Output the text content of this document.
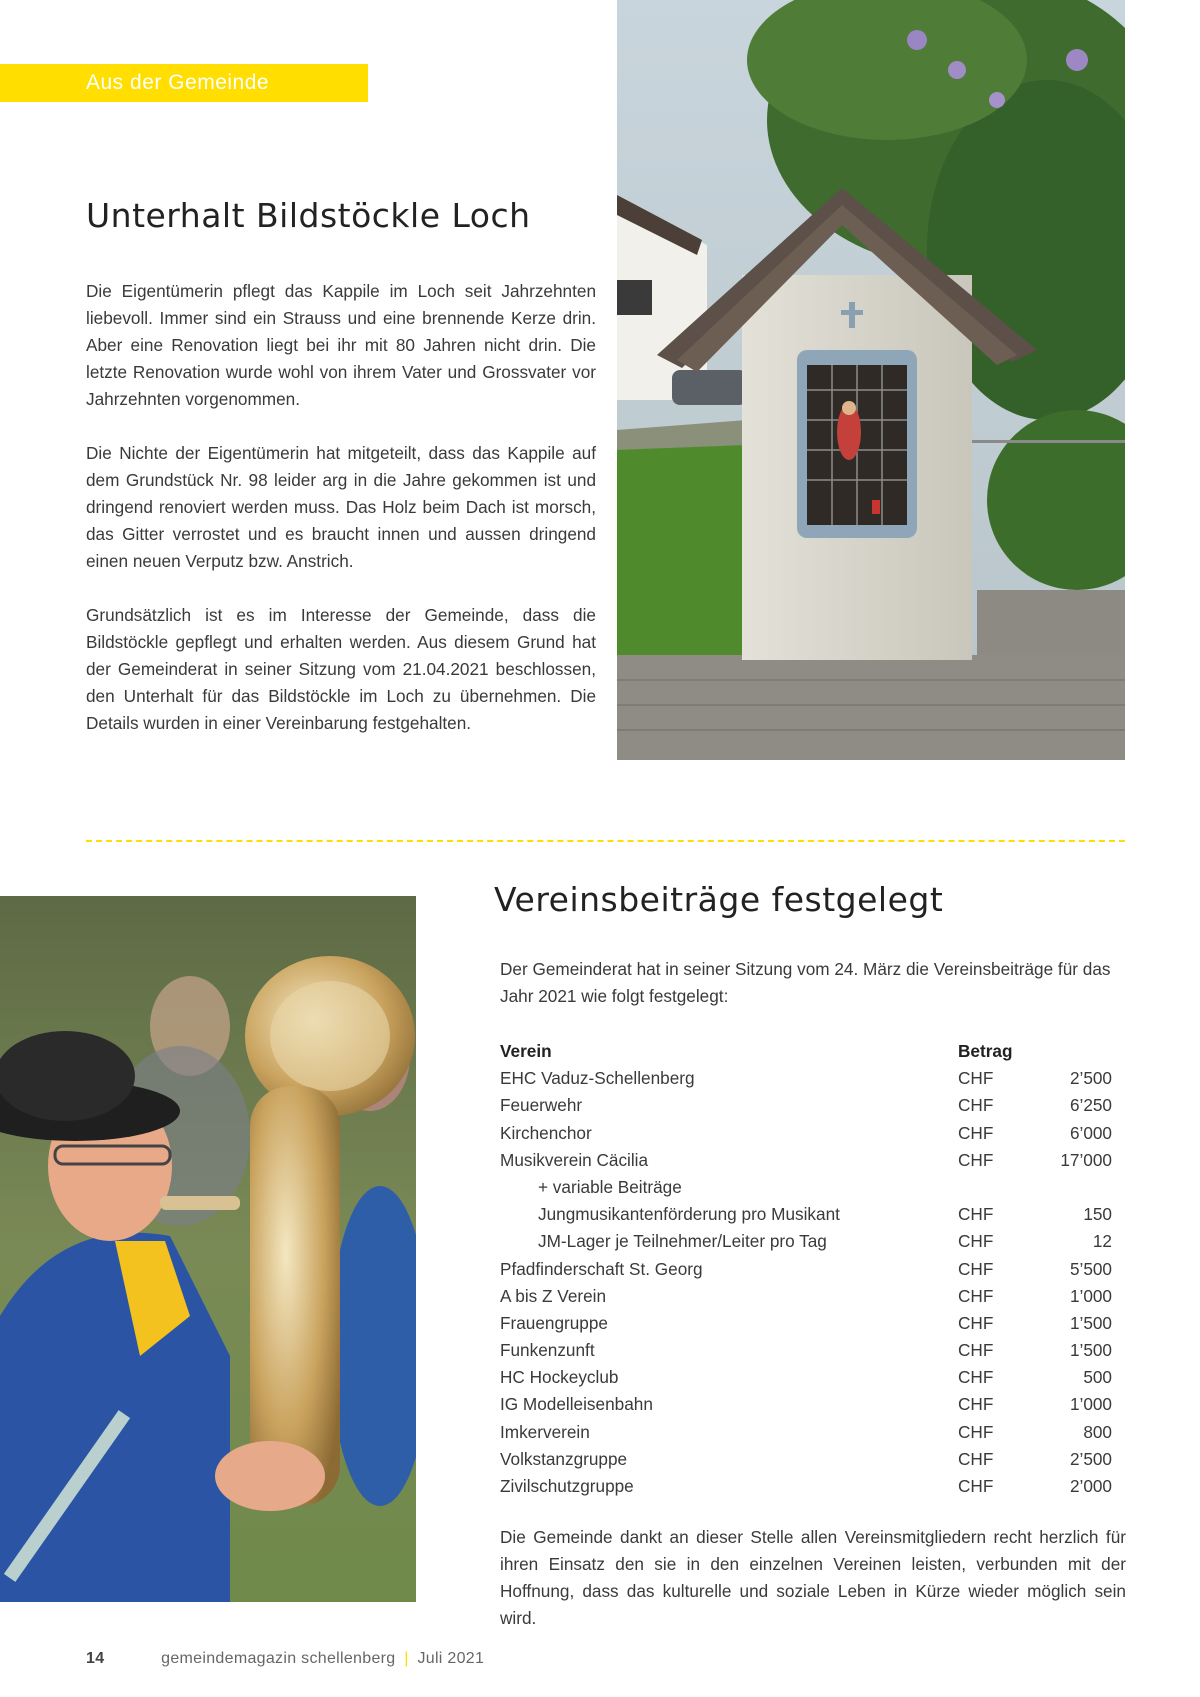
Aus der Gemeinde
Unterhalt Bildstöckle Loch

Die Eigentümerin pflegt das Kappile im Loch seit Jahrzehnten liebevoll. Immer sind ein Strauss und eine brennende Kerze drin. Aber eine Renovation liegt bei ihr mit 80 Jahren nicht drin. Die letzte Renovation wurde wohl von ihrem Vater und Grossvater vor Jahrzehnten vorgenommen.

Die Nichte der Eigentümerin hat mitgeteilt, dass das Kappile auf dem Grundstück Nr. 98 leider arg in die Jahre gekommen ist und dringend renoviert werden muss. Das Holz beim Dach ist morsch, das Gitter verrostet und es braucht innen und aussen dringend einen neuen Verputz bzw. Anstrich.

Grundsätzlich ist es im Interesse der Gemeinde, dass die Bildstöckle gepflegt und erhalten werden. Aus diesem Grund hat der Gemeinderat in seiner Sitzung vom 21.04.2021 beschlossen, den Unterhalt für das Bildstöckle im Loch zu übernehmen. Die Details wurden in einer Vereinbarung festgehalten.

Vereinsbeiträge festgelegt
Der Gemeinderat hat in seiner Sitzung vom 24. März die Vereinsbeiträge für das Jahr 2021 wie folgt festgelegt:
Verein	Betrag
EHC Vaduz-Schellenberg	CHF	2’500
Feuerwehr	CHF	6’250
Kirchenchor	CHF	6’000
Musikverein Cäcilia	CHF	17’000
+ variable Beiträge
Jungmusikantenförderung pro Musikant	CHF	150
JM-Lager je Teilnehmer/Leiter pro Tag	CHF	12
Pfadfinderschaft St. Georg	CHF	5’500
A bis Z Verein	CHF	1’000
Frauengruppe	CHF	1’500
Funkenzunft	CHF	1’500
HC Hockeyclub	CHF	500
IG Modelleisenbahn	CHF	1’000
Imkerverein	CHF	800
Volkstanzgruppe	CHF	2’500
Zivilschutzgruppe	CHF	2’000
Die Gemeinde dankt an dieser Stelle allen Vereinsmitgliedern recht herzlich für ihren Einsatz den sie in den einzelnen Vereinen leisten, verbunden mit der Hoffnung, dass das kulturelle und soziale Leben in Kürze wieder möglich sein wird.
14	gemeindemagazin schellenberg | Juli 2021
